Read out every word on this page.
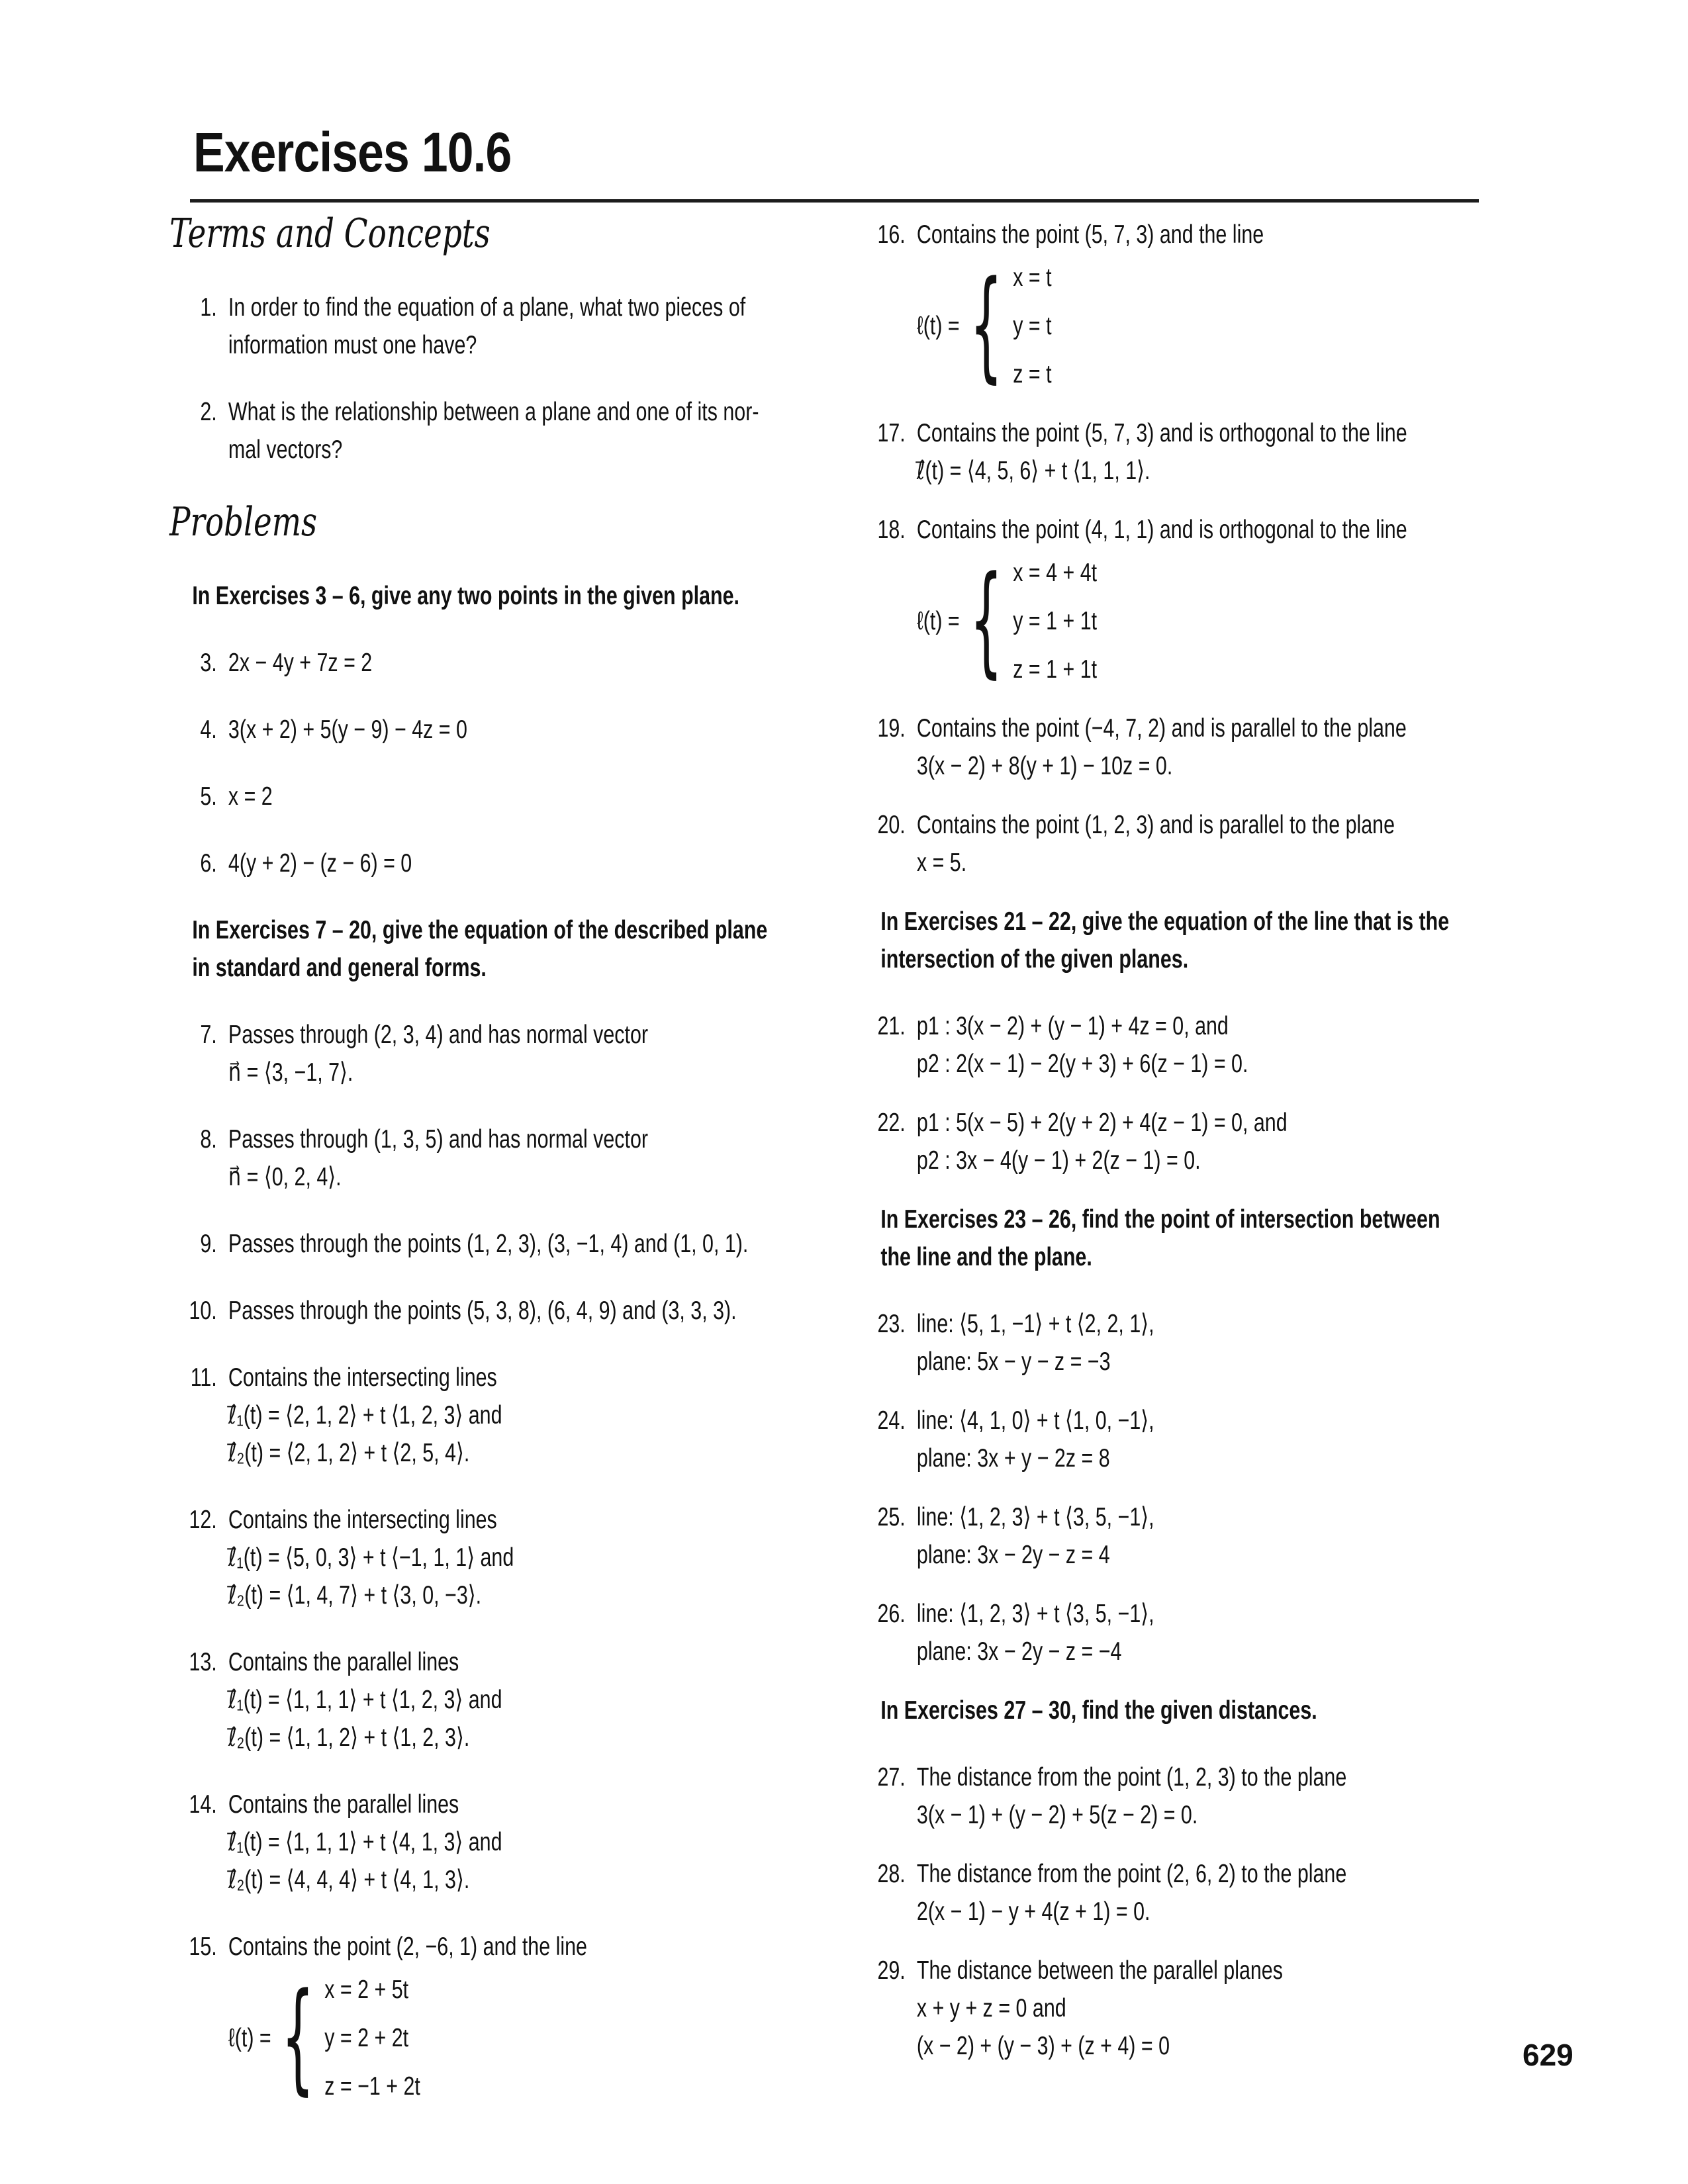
Exercises 10.6
Terms and Concepts
1. In order to find the equation of a plane, what two pieces of
information must one have?
2. What is the relationship between a plane and one of its nor-
mal vectors?
Problems
In Exercises 3 – 6, give any two points in the given plane.
3. 2x − 4y + 7z = 2
4. 3(x + 2) + 5(y − 9) − 4z = 0
5. x = 2
6. 4(y + 2) − (z − 6) = 0
In Exercises 7 – 20, give the equation of the described plane
in standard and general forms.
7. Passes through (2, 3, 4) and has normal vector
n⃗ = ⟨3, −1, 7⟩.
8. Passes through (1, 3, 5) and has normal vector
n⃗ = ⟨0, 2, 4⟩.
9. Passes through the points (1, 2, 3), (3, −1, 4) and (1, 0, 1).
10. Passes through the points (5, 3, 8), (6, 4, 9) and (3, 3, 3).
11. Contains the intersecting lines
ℓ⃗₁(t) = ⟨2, 1, 2⟩ + t ⟨1, 2, 3⟩ and
ℓ⃗₂(t) = ⟨2, 1, 2⟩ + t ⟨2, 5, 4⟩.
12. Contains the intersecting lines
ℓ⃗₁(t) = ⟨5, 0, 3⟩ + t ⟨−1, 1, 1⟩ and
ℓ⃗₂(t) = ⟨1, 4, 7⟩ + t ⟨3, 0, −3⟩.
13. Contains the parallel lines
ℓ⃗₁(t) = ⟨1, 1, 1⟩ + t ⟨1, 2, 3⟩ and
ℓ⃗₂(t) = ⟨1, 1, 2⟩ + t ⟨1, 2, 3⟩.
14. Contains the parallel lines
ℓ⃗₁(t) = ⟨1, 1, 1⟩ + t ⟨4, 1, 3⟩ and
ℓ⃗₂(t) = ⟨4, 4, 4⟩ + t ⟨4, 1, 3⟩.
15. Contains the point (2, −6, 1) and the line
ℓ(t) = { x = 2 + 5t
y = 2 + 2t
z = −1 + 2t
16. Contains the point (5, 7, 3) and the line
ℓ(t) = { x = t
y = t
z = t
17. Contains the point (5, 7, 3) and is orthogonal to the line
ℓ⃗(t) = ⟨4, 5, 6⟩ + t ⟨1, 1, 1⟩.
18. Contains the point (4, 1, 1) and is orthogonal to the line
ℓ(t) = { x = 4 + 4t
y = 1 + 1t
z = 1 + 1t
19. Contains the point (−4, 7, 2) and is parallel to the plane
3(x − 2) + 8(y + 1) − 10z = 0.
20. Contains the point (1, 2, 3) and is parallel to the plane
x = 5.
In Exercises 21 – 22, give the equation of the line that is the
intersection of the given planes.
21. p1 : 3(x − 2) + (y − 1) + 4z = 0, and
p2 : 2(x − 1) − 2(y + 3) + 6(z − 1) = 0.
22. p1 : 5(x − 5) + 2(y + 2) + 4(z − 1) = 0, and
p2 : 3x − 4(y − 1) + 2(z − 1) = 0.
In Exercises 23 – 26, find the point of intersection between
the line and the plane.
23. line: ⟨5, 1, −1⟩ + t ⟨2, 2, 1⟩,
plane: 5x − y − z = −3
24. line: ⟨4, 1, 0⟩ + t ⟨1, 0, −1⟩,
plane: 3x + y − 2z = 8
25. line: ⟨1, 2, 3⟩ + t ⟨3, 5, −1⟩,
plane: 3x − 2y − z = 4
26. line: ⟨1, 2, 3⟩ + t ⟨3, 5, −1⟩,
plane: 3x − 2y − z = −4
In Exercises 27 – 30, find the given distances.
27. The distance from the point (1, 2, 3) to the plane
3(x − 1) + (y − 2) + 5(z − 2) = 0.
28. The distance from the point (2, 6, 2) to the plane
2(x − 1) − y + 4(z + 1) = 0.
29. The distance between the parallel planes
x + y + z = 0 and
(x − 2) + (y − 3) + (z + 4) = 0	629
